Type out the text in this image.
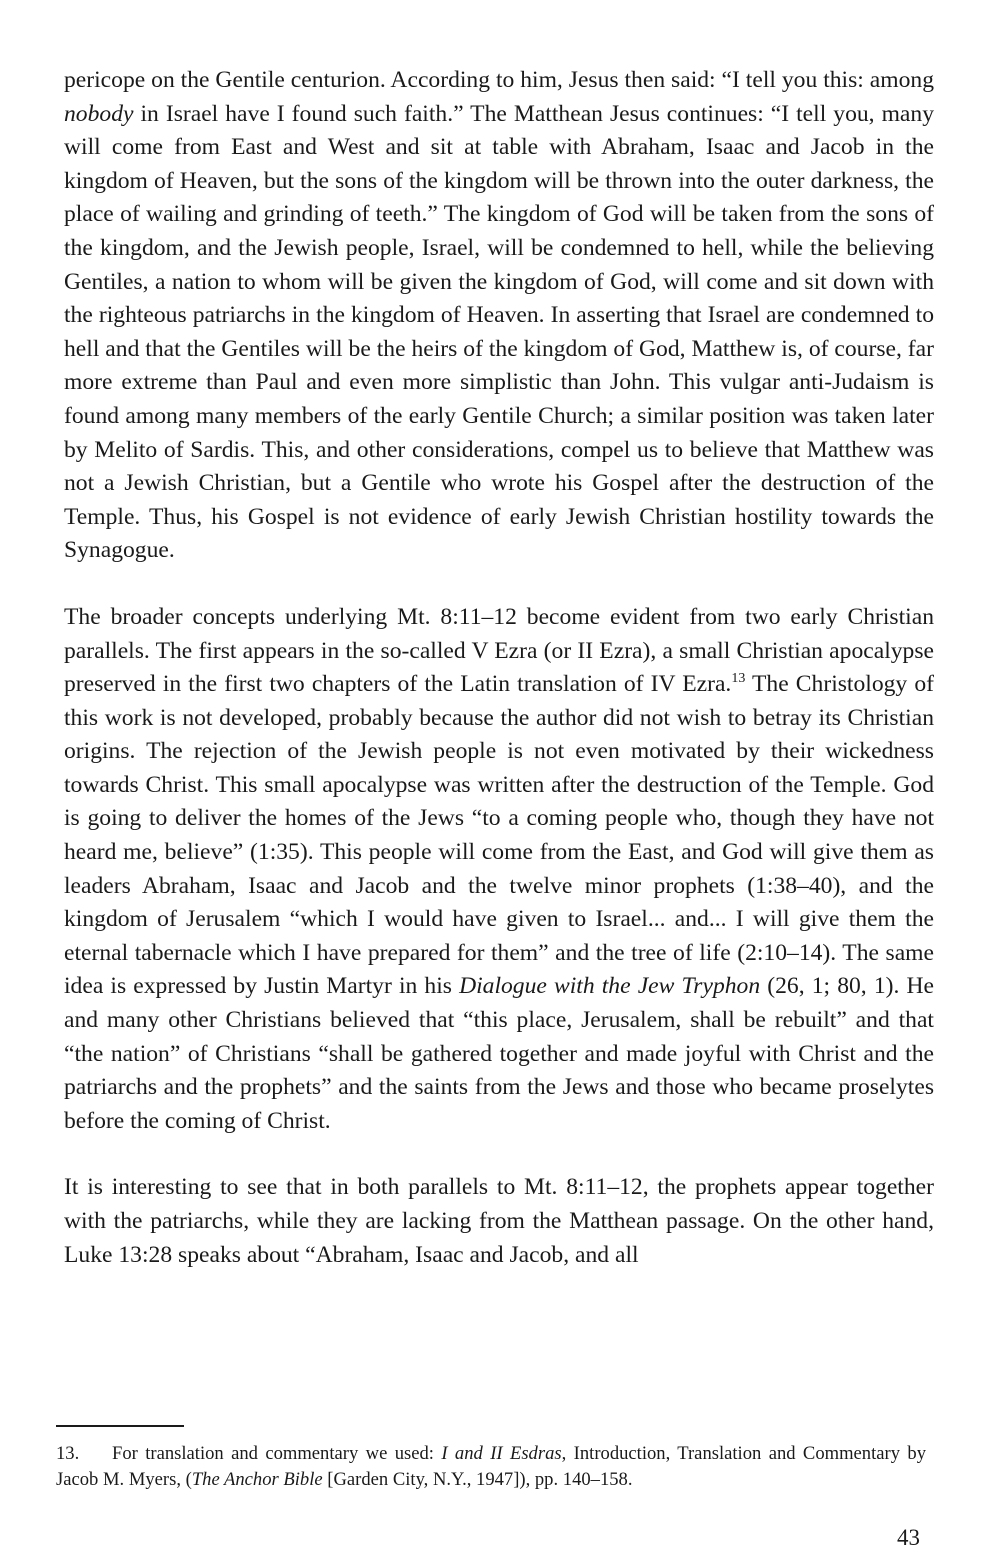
pericope on the Gentile centurion. According to him, Jesus then said: “I tell you this: among nobody in Israel have I found such faith.” The Matthean Jesus continues: “I tell you, many will come from East and West and sit at table with Abraham, Isaac and Jacob in the kingdom of Heaven, but the sons of the kingdom will be thrown into the outer darkness, the place of wailing and grinding of teeth.” The kingdom of God will be taken from the sons of the kingdom, and the Jewish people, Israel, will be condemned to hell, while the believing Gentiles, a nation to whom will be given the kingdom of God, will come and sit down with the righteous patriarchs in the kingdom of Heaven. In asserting that Israel are condemned to hell and that the Gentiles will be the heirs of the kingdom of God, Matthew is, of course, far more extreme than Paul and even more simplistic than John. This vulgar anti-Judaism is found among many members of the early Gentile Church; a similar position was taken later by Melito of Sardis. This, and other considerations, compel us to believe that Matthew was not a Jewish Christian, but a Gentile who wrote his Gospel after the destruction of the Temple. Thus, his Gospel is not evidence of early Jewish Christian hostility towards the Synagogue.

The broader concepts underlying Mt. 8:11–12 become evident from two early Christian parallels. The first appears in the so-called V Ezra (or II Ezra), a small Christian apocalypse preserved in the first two chapters of the Latin translation of IV Ezra.$^{13}$ The Christology of this work is not developed, probably because the author did not wish to betray its Christian origins. The rejection of the Jewish people is not even motivated by their wickedness towards Christ. This small apocalypse was written after the destruction of the Temple. God is going to deliver the homes of the Jews “to a coming people who, though they have not heard me, believe” (1:35). This people will come from the East, and God will give them as leaders Abraham, Isaac and Jacob and the twelve minor prophets (1:38–40), and the kingdom of Jerusalem “which I would have given to Israel... and... I will give them the eternal tabernacle which I have prepared for them” and the tree of life (2:10–14). The same idea is expressed by Justin Martyr in his Dialogue with the Jew Tryphon (26, 1; 80, 1). He and many other Christians believed that “this place, Jerusalem, shall be rebuilt” and that “the nation” of Christians “shall be gathered together and made joyful with Christ and the patriarchs and the prophets” and the saints from the Jews and those who became proselytes before the coming of Christ.

It is interesting to see that in both parallels to Mt. 8:11–12, the prophets appear together with the patriarchs, while they are lacking from the Matthean passage. On the other hand, Luke 13:28 speaks about “Abraham, Isaac and Jacob, and all

13. For translation and commentary we used: I and II Esdras, Introduction, Translation and Commentary by Jacob M. Myers, (The Anchor Bible [Garden City, N.Y., 1947]), pp. 140–158.
43
